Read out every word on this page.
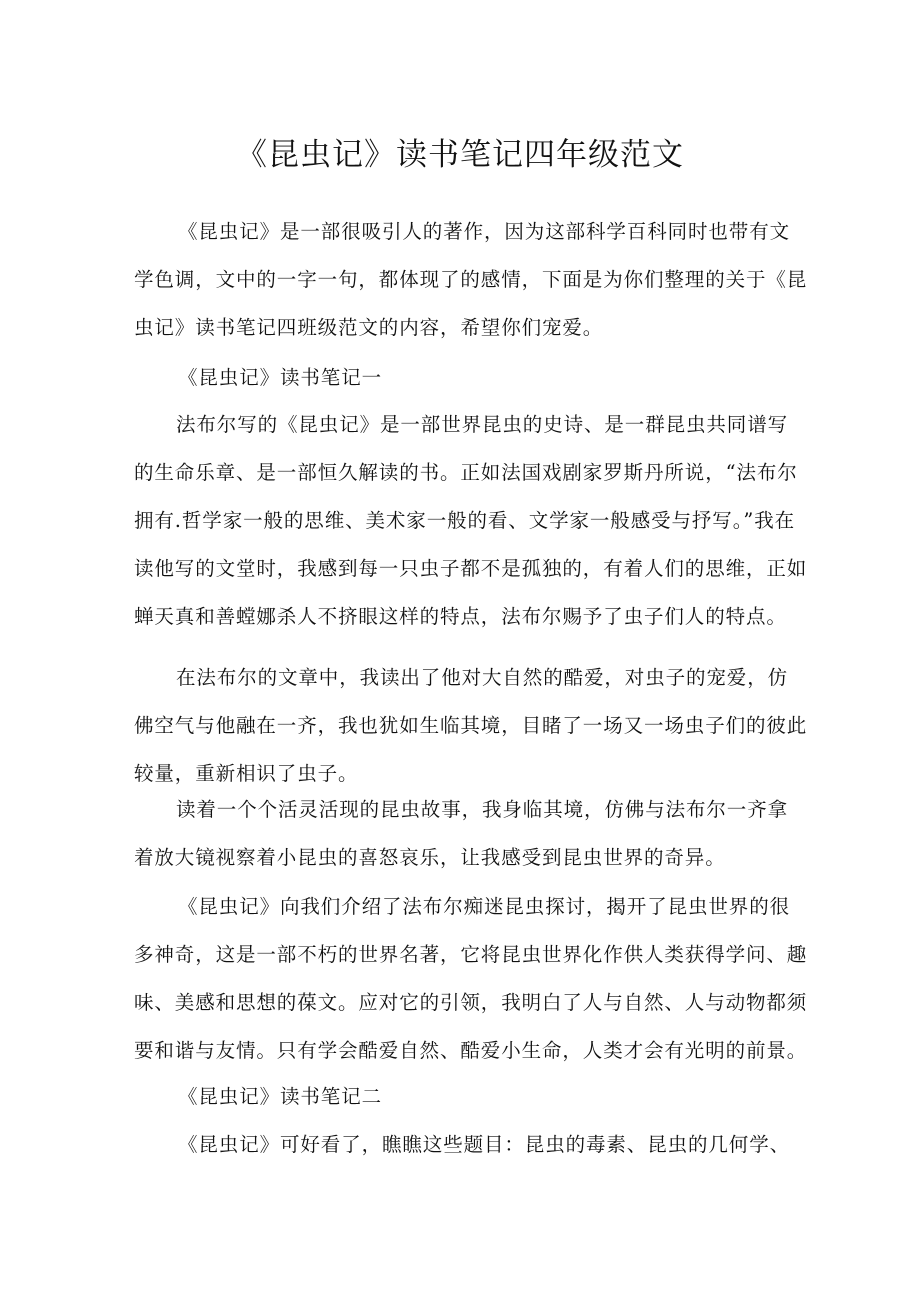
《昆虫记》读书笔记四年级范文
《昆虫记》是一部很吸引人的著作，因为这部科学百科同时也带有文
学色调，文中的一字一句，都体现了的感情，下面是为你们整理的关于《昆
虫记》读书笔记四班级范文的内容，希望你们宠爱。
《昆虫记》读书笔记一
法布尔写的《昆虫记》是一部世界昆虫的史诗、是一群昆虫共同谱写
的生命乐章、是一部恒久解读的书。正如法国戏剧家罗斯丹所说，“法布尔
拥有.哲学家一般的思维、美术家一般的看、文学家一般感受与抒写。”我在
读他写的文堂时，我感到每一只虫子都不是孤独的，有着人们的思维，正如
蝉天真和善螳娜杀人不挤眼这样的特点，法布尔赐予了虫子们人的特点。
在法布尔的文章中，我读出了他对大自然的酷爱，对虫子的宠爱，仿
佛空气与他融在一齐，我也犹如生临其境，目睹了一场又一场虫子们的彼此
较量，重新相识了虫子。
读着一个个活灵活现的昆虫故事，我身临其境，仿佛与法布尔一齐拿
着放大镜视察着小昆虫的喜怒哀乐，让我感受到昆虫世界的奇异。
《昆虫记》向我们介绍了法布尔痴迷昆虫探讨，揭开了昆虫世界的很
多神奇，这是一部不朽的世界名著，它将昆虫世界化作供人类获得学问、趣
味、美感和思想的葆文。应对它的引领，我明白了人与自然、人与动物都须
要和谐与友情。只有学会酷爱自然、酷爱小生命，人类才会有光明的前景。
《昆虫记》读书笔记二
《昆虫记》可好看了，瞧瞧这些题目：昆虫的毒素、昆虫的几何学、
